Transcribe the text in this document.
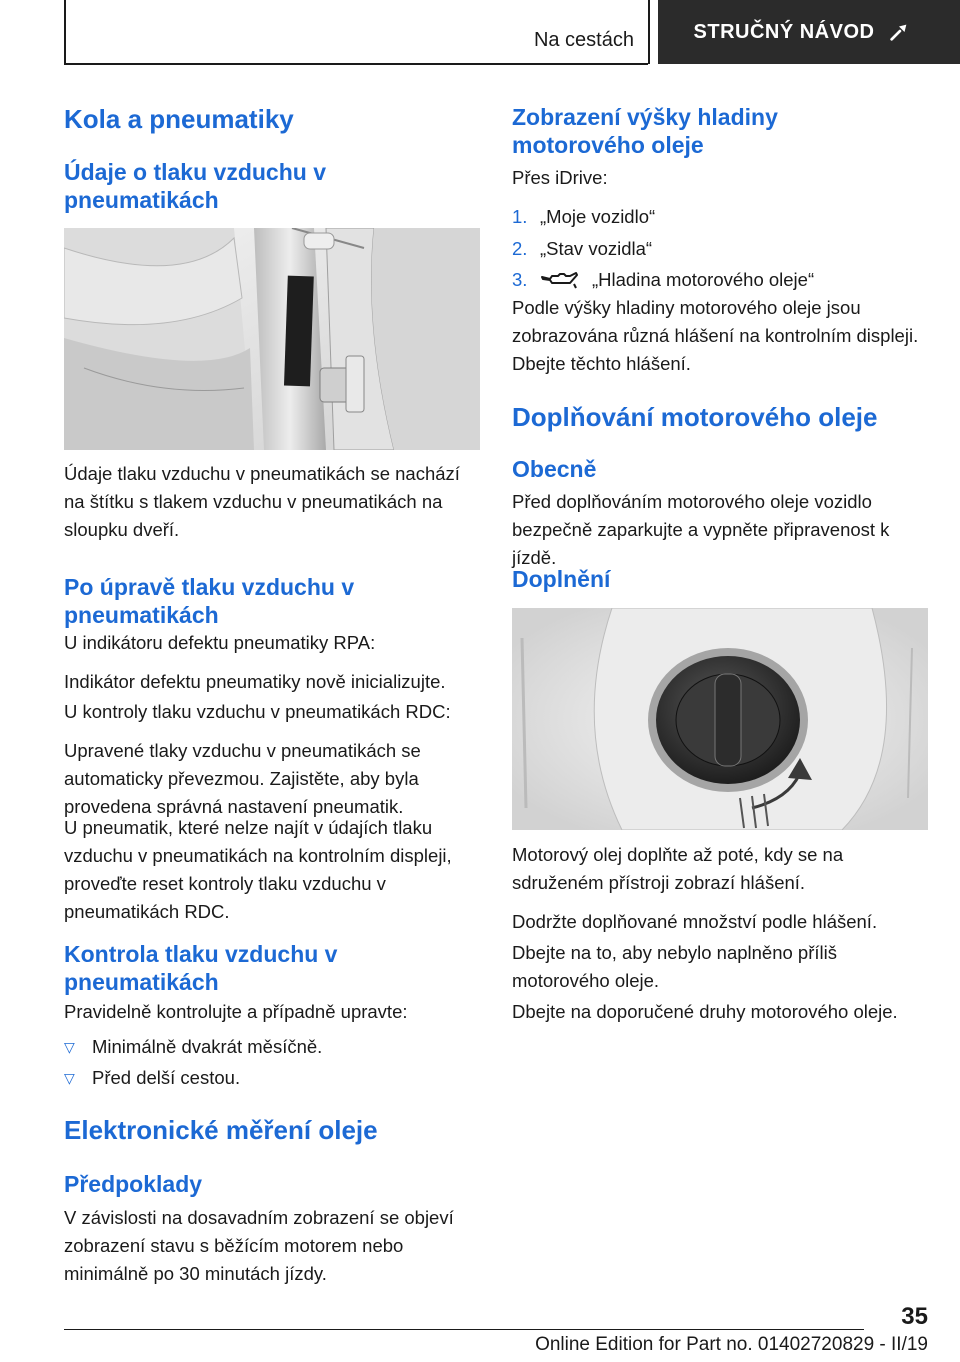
Na cestách	STRUČNÝ NÁVOD
Kola a pneumatiky
Údaje o tlaku vzduchu v pneumatikách

Údaje tlaku vzduchu v pneumatikách se nachází na štítku s tlakem vzduchu v pneumatikách na sloupku dveří.

Po úpravě tlaku vzduchu v pneumatikách

U indikátoru defektu pneumatiky RPA:

Indikátor defektu pneumatiky nově inicializujte.

U kontroly tlaku vzduchu v pneumatikách RDC:

Upravené tlaky vzduchu v pneumatikách se automaticky převezmou. Zajistěte, aby byla provedena správná nastavení pneumatik.

U pneumatik, které nelze najít v údajích tlaku vzduchu v pneumatikách na kontrolním displeji, proveďte reset kontroly tlaku vzduchu v pneumatikách RDC.

Kontrola tlaku vzduchu v pneumatikách

Pravidelně kontrolujte a případně upravte:

▽ Minimálně dvakrát měsíčně.
▽ Před delší cestou.
Elektronické měření oleje
Předpoklady

V závislosti na dosavadním zobrazení se objeví zobrazení stavu s běžícím motorem nebo minimálně po 30 minutách jízdy.

Zobrazení výšky hladiny motorového oleje

Přes iDrive:

1. „Moje vozidlo“
2. „Stav vozidla“
3.	„Hladina motorového oleje“

Podle výšky hladiny motorového oleje jsou zobrazována různá hlášení na kontrolním displeji. Dbejte těchto hlášení.

Doplňování motorového oleje
Obecně

Před doplňováním motorového oleje vozidlo bezpečně zaparkujte a vypněte připravenost k jízdě.

Doplnění

Motorový olej doplňte až poté, kdy se na sdruženém přístroji zobrazí hlášení.

Dodržte doplňované množství podle hlášení.

Dbejte na to, aby nebylo naplněno příliš motorového oleje.

Dbejte na doporučené druhy motorového oleje.

35
Online Edition for Part no. 01402720829 - II/19
